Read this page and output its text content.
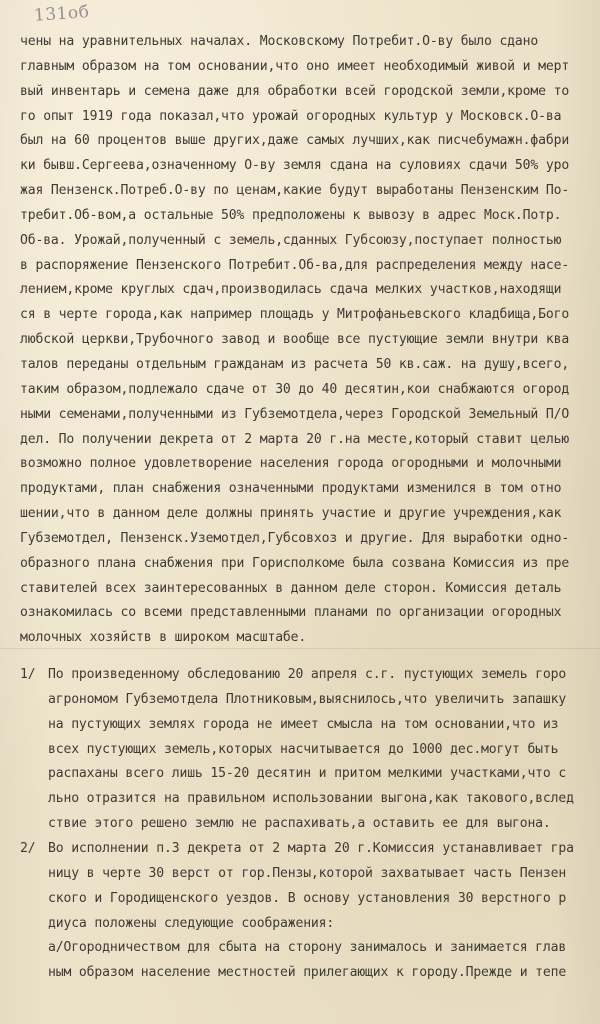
131об
чены на уравнительных началах. Московскому Потребит.О-ву было сдано
главным образом на том основании,что оно имеет необходимый живой и мерт
вый инвентарь и семена даже для обработки всей городской земли,кроме то
го опыт 1919 года показал,что урожай огородных культур у Московск.О-ва
был на 60 процентов выше других,даже самых лучших,как писчебумажн.фабри
ки бывш.Сергеева,означенному О-ву земля сдана на суловиях сдачи 50% уро
жая Пензенск.Потреб.О-ву по ценам,какие будут выработаны Пензенским По-
требит.Об-вом,а остальные 50% предположены к вывозу в адрес Моск.Потр.
Об-ва. Урожай,полученный с земель,сданных Губсоюзу,поступает полностью
в распоряжение Пензенского Потребит.Об-ва,для распределения между насе-
лением,кроме круглых сдач,производилась сдача мелких участков,находящи
ся в черте города,как например площадь у Митрофаньевского кладбища,Бого
любской церкви,Трубочного завод и вообще все пустующие земли внутри ква
талов переданы отдельным гражданам из расчета 50 кв.саж. на душу,всего,
таким образом,подлежало сдаче от 30 до 40 десятин,кои снабжаются огород
ными семенами,полученными из Губземотдела,через Городской Земельный П/О
дел. По получении декрета от 2 марта 20 г.на месте,который ставит целью
возможно полное удовлетворение населения города огородными и молочными
продуктами, план снабжения означенными продуктами изменился в том отно
шении,что в данном деле должны принять участие и другие учреждения,как
Губземотдел, Пензенск.Уземотдел,Губсовхоз и другие. Для выработки одно-
образного плана снабжения при Горисполкоме была созвана Комиссия из пре
ставителей всех заинтересованных в данном деле сторон. Комиссия деталь
ознакомилась со всеми представленными планами по организации огородных
молочных хозяйств в широком масштабе.

1/

По произведенному обследованию 20 апреля с.г. пустующих земель горо

агрономом Губземотдела Плотниковым,выяснилось,что увеличить запашку
на пустующих землях города не имеет смысла на том основании,что из
всех пустующих земель,которых насчитывается до 1000 дес.могут быть
распаханы всего лишь 15-20 десятин и притом мелкими участками,что с
льно отразится на правильном использовании выгона,как такового,вслед
ствие этого решено землю не распахивать,а оставить ее для выгона.

2/

Во исполнении п.3 декрета от 2 марта 20 г.Комиссия устанавливает гра

ницу в черте 30 верст от гор.Пензы,которой захватывает часть Пензен
ского и Городищенского уездов. В основу установления 30 верстного р
диуса положены следующие соображения:
а/Огородничеством для сбыта на сторону занималось и занимается глав
ным образом население местностей прилегающих к городу.Прежде и тепе
